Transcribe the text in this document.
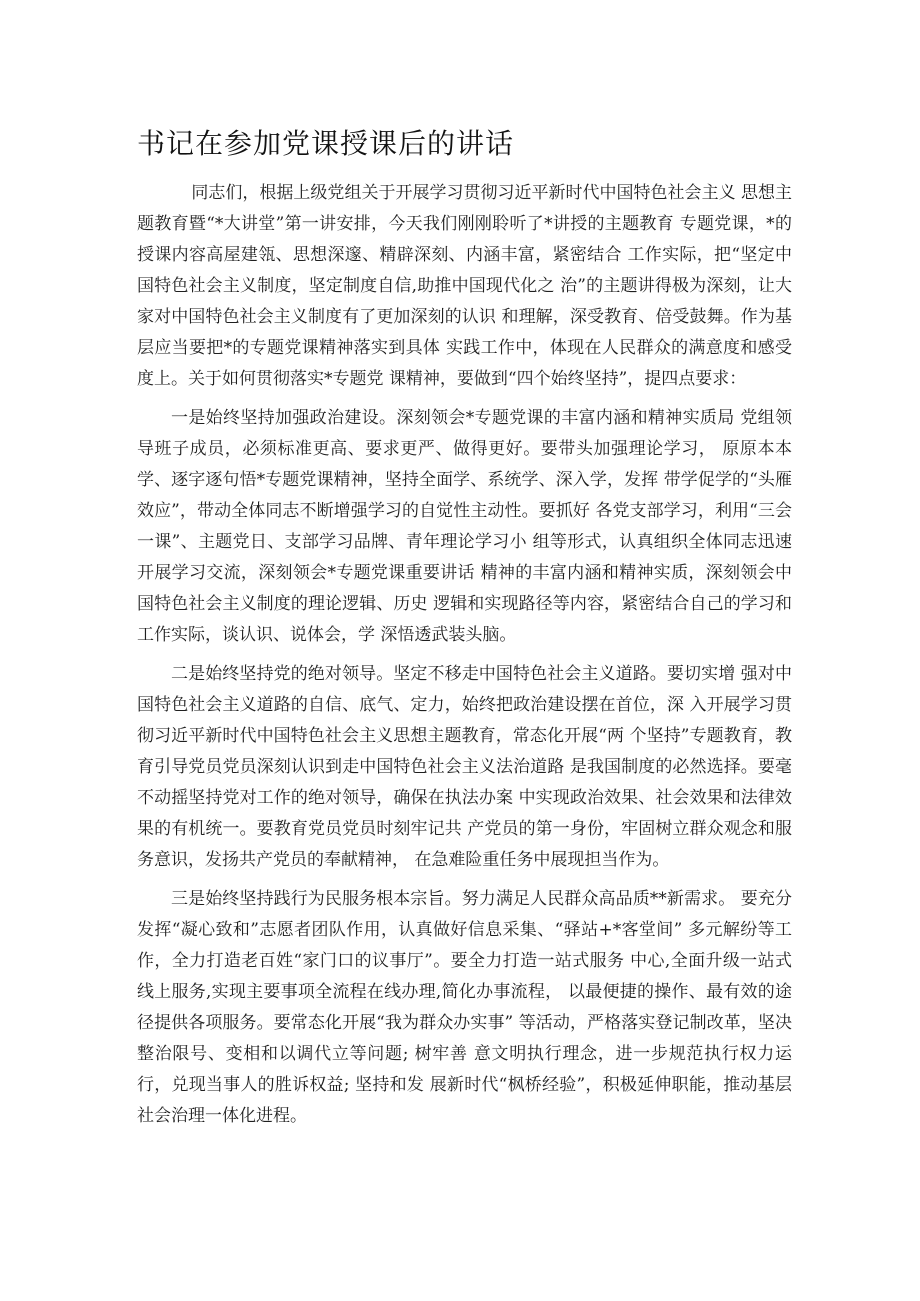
书记在参加党课授课后的讲话

同志们，根据上级党组关于开展学习贯彻习近平新时代中国特色社会主义 思想主题教育暨“*大讲堂”第一讲安排，今天我们刚刚聆听了*讲授的主题教育 专题党课，*的授课内容高屋建瓴、思想深邃、精辟深刻、内涵丰富，紧密结合 工作实际，把“坚定中国特色社会主义制度，坚定制度自信,助推中国现代化之 治”的主题讲得极为深刻，让大家对中国特色社会主义制度有了更加深刻的认识 和理解，深受教育、倍受鼓舞。作为基层应当要把*的专题党课精神落实到具体 实践工作中，体现在人民群众的满意度和感受度上。关于如何贯彻落实*专题党 课精神，要做到“四个始终坚持”，提四点要求：

一是始终坚持加强政治建设。深刻领会*专题党课的丰富内涵和精神实质局 党组领导班子成员，必须标准更高、要求更严、做得更好。要带头加强理论学习， 原原本本学、逐字逐句悟*专题党课精神，坚持全面学、系统学、深入学，发挥 带学促学的“头雁效应”，带动全体同志不断增强学习的自觉性主动性。要抓好 各党支部学习，利用“三会一课”、主题党日、支部学习品牌、青年理论学习小 组等形式，认真组织全体同志迅速开展学习交流，深刻领会*专题党课重要讲话 精神的丰富内涵和精神实质，深刻领会中国特色社会主义制度的理论逻辑、历史 逻辑和实现路径等内容，紧密结合自己的学习和工作实际，谈认识、说体会，学 深悟透武装头脑。

二是始终坚持党的绝对领导。坚定不移走中国特色社会主义道路。要切实增 强对中国特色社会主义道路的自信、底气、定力，始终把政治建设摆在首位，深 入开展学习贯彻习近平新时代中国特色社会主义思想主题教育，常态化开展“两 个坚持”专题教育，教育引导党员党员深刻认识到走中国特色社会主义法治道路 是我国制度的必然选择。要毫不动摇坚持党对工作的绝对领导，确保在执法办案 中实现政治效果、社会效果和法律效果的有机统一。要教育党员党员时刻牢记共 产党员的第一身份，牢固树立群众观念和服务意识，发扬共产党员的奉献精神， 在急难险重任务中展现担当作为。

三是始终坚持践行为民服务根本宗旨。努力满足人民群众高品质**新需求。 要充分发挥“凝心致和”志愿者团队作用，认真做好信息采集、“驿站+*客堂间” 多元解纷等工作，全力打造老百姓“家门口的议事厅”。要全力打造一站式服务 中心,全面升级一站式线上服务,实现主要事项全流程在线办理,简化办事流程， 以最便捷的操作、最有效的途径提供各项服务。要常态化开展“我为群众办实事” 等活动，严格落实登记制改革，坚决整治限号、变相和以调代立等问题; 树牢善 意文明执行理念，进一步规范执行权力运行，兑现当事人的胜诉权益; 坚持和发 展新时代“枫桥经验”，积极延伸职能，推动基层社会治理一体化进程。
